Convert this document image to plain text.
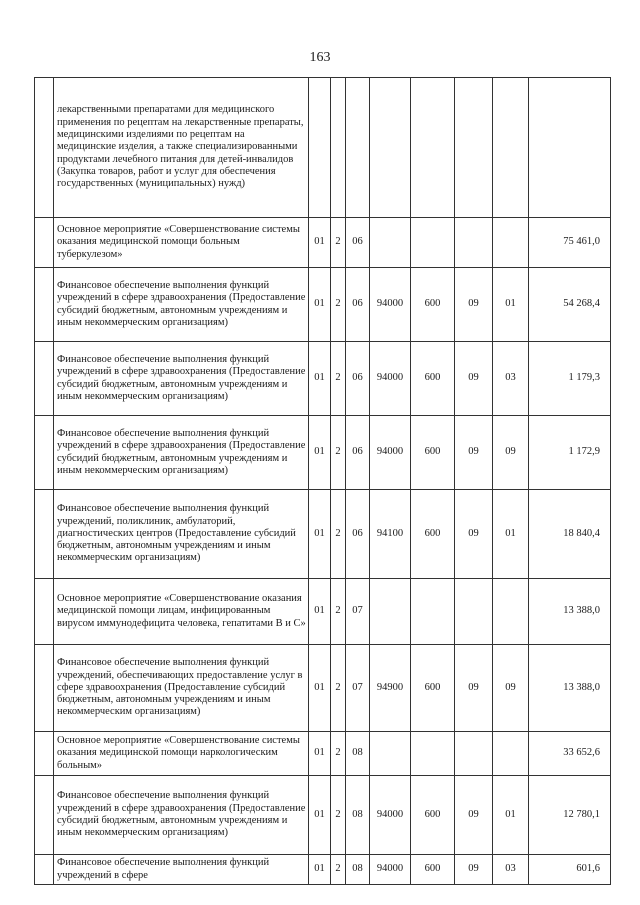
163
	лекарственными препаратами для медицинского применения по рецептам на лекарственные препараты, медицинскими изделиями по рецептам на медицинские изделия, а также специализированными продуктами лечебного питания для детей-инвалидов (Закупка товаров, работ и услуг для обеспечения государственных (муниципальных) нужд)								
	Основное мероприятие «Совершенствование системы оказания медицинской помощи больным туберкулезом»	01	2	06					75 461,0
	Финансовое обеспечение выполнения функций учреждений в сфере здравоохранения (Предоставление субсидий бюджетным, автономным учреждениям и иным некоммерческим организациям)	01	2	06	94000	600	09	01	54 268,4
	Финансовое обеспечение выполнения функций учреждений в сфере здравоохранения (Предоставление субсидий бюджетным, автономным учреждениям и иным некоммерческим организациям)	01	2	06	94000	600	09	03	1 179,3
	Финансовое обеспечение выполнения функций учреждений в сфере здравоохранения (Предоставление субсидий бюджетным, автономным учреждениям и иным некоммерческим организациям)	01	2	06	94000	600	09	09	1 172,9
	Финансовое обеспечение выполнения функций учреждений, поликлиник, амбулаторий, диагностических центров (Предоставление субсидий бюджетным, автономным учреждениям и иным некоммерческим организациям)	01	2	06	94100	600	09	01	18 840,4
	Основное мероприятие «Совершенствование оказания медицинской помощи лицам, инфицированным вирусом иммунодефицита человека, гепатитами B и C»	01	2	07					13 388,0
	Финансовое обеспечение выполнения функций учреждений, обеспечивающих предоставление услуг в сфере здравоохранения (Предоставление субсидий бюджетным, автономным учреждениям и иным некоммерческим организациям)	01	2	07	94900	600	09	09	13 388,0
	Основное мероприятие «Совершенствование системы оказания медицинской помощи наркологическим больным»	01	2	08					33 652,6
	Финансовое обеспечение выполнения функций учреждений в сфере здравоохранения (Предоставление субсидий бюджетным, автономным учреждениям и иным некоммерческим организациям)	01	2	08	94000	600	09	01	12 780,1
	Финансовое обеспечение выполнения функций учреждений в сфере	01	2	08	94000	600	09	03	601,6
